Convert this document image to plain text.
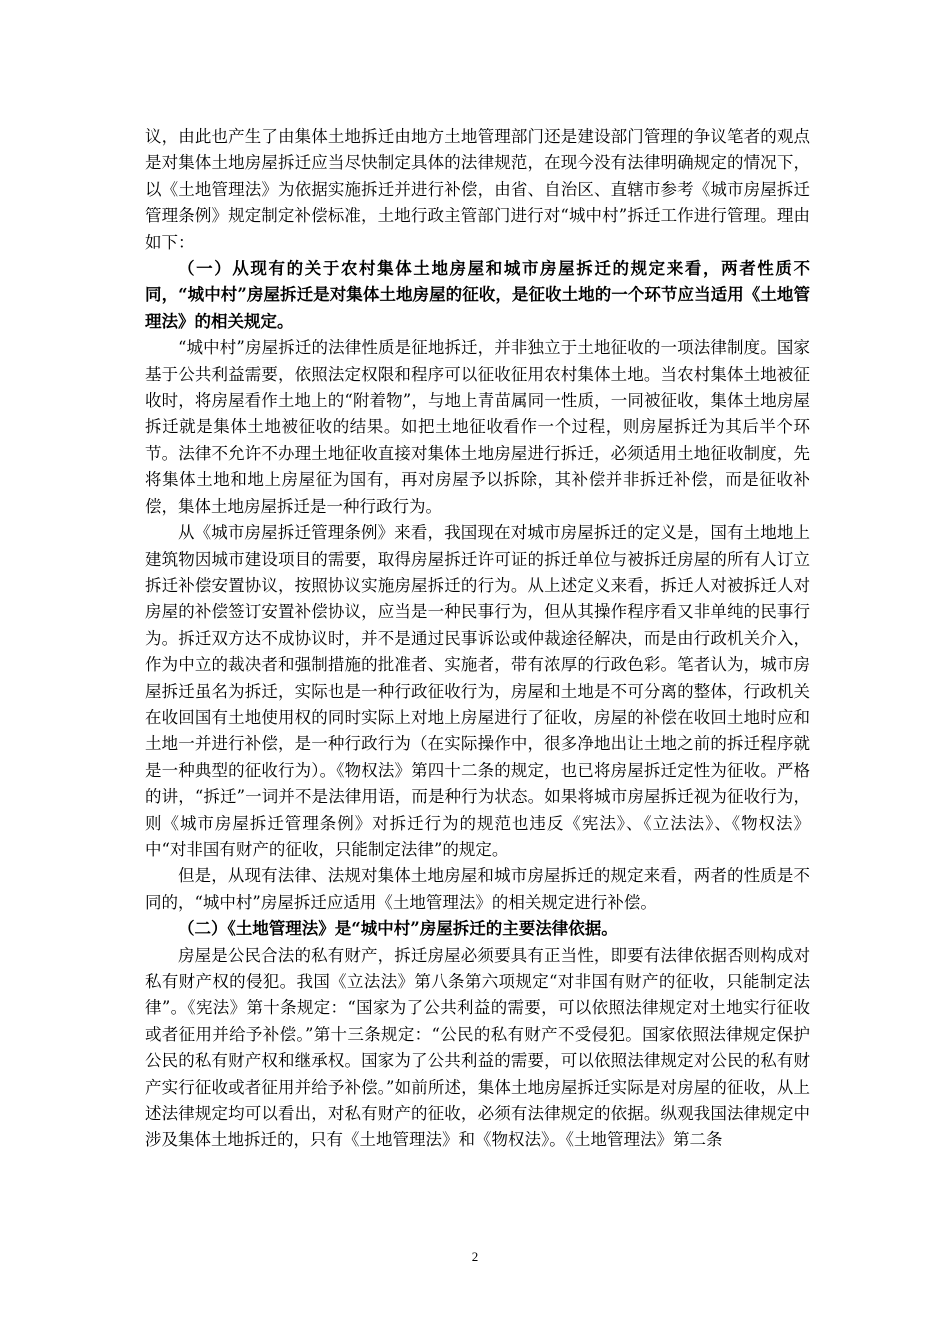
议，由此也产生了由集体土地拆迁由地方土地管理部门还是建设部门管理的争议笔者的观点是对集体土地房屋拆迁应当尽快制定具体的法律规范，在现今没有法律明确规定的情况下，以《土地管理法》为依据实施拆迁并进行补偿，由省、自治区、直辖市参考《城市房屋拆迁管理条例》规定制定补偿标准，土地行政主管部门进行对“城中村”拆迁工作进行管理。理由如下：

（一）从现有的关于农村集体土地房屋和城市房屋拆迁的规定来看，两者性质不同，“城中村”房屋拆迁是对集体土地房屋的征收，是征收土地的一个环节应当适用《土地管理法》的相关规定。

“城中村”房屋拆迁的法律性质是征地拆迁，并非独立于土地征收的一项法律制度。国家基于公共利益需要，依照法定权限和程序可以征收征用农村集体土地。当农村集体土地被征收时，将房屋看作土地上的“附着物”，与地上青苗属同一性质，一同被征收，集体土地房屋拆迁就是集体土地被征收的结果。如把土地征收看作一个过程，则房屋拆迁为其后半个环节。法律不允许不办理土地征收直接对集体土地房屋进行拆迁，必须适用土地征收制度，先将集体土地和地上房屋征为国有，再对房屋予以拆除，其补偿并非拆迁补偿，而是征收补偿，集体土地房屋拆迁是一种行政行为。

从《城市房屋拆迁管理条例》来看，我国现在对城市房屋拆迁的定义是，国有土地地上建筑物因城市建设项目的需要，取得房屋拆迁许可证的拆迁单位与被拆迁房屋的所有人订立拆迁补偿安置协议，按照协议实施房屋拆迁的行为。从上述定义来看，拆迁人对被拆迁人对房屋的补偿签订安置补偿协议，应当是一种民事行为，但从其操作程序看又非单纯的民事行为。拆迁双方达不成协议时，并不是通过民事诉讼或仲裁途径解决，而是由行政机关介入，作为中立的裁决者和强制措施的批准者、实施者，带有浓厚的行政色彩。笔者认为，城市房屋拆迁虽名为拆迁，实际也是一种行政征收行为，房屋和土地是不可分离的整体，行政机关在收回国有土地使用权的同时实际上对地上房屋进行了征收，房屋的补偿在收回土地时应和土地一并进行补偿，是一种行政行为（在实际操作中，很多净地出让土地之前的拆迁程序就是一种典型的征收行为）。《物权法》第四十二条的规定，也已将房屋拆迁定性为征收。严格的讲，“拆迁”一词并不是法律用语，而是种行为状态。如果将城市房屋拆迁视为征收行为，则《城市房屋拆迁管理条例》对拆迁行为的规范也违反《宪法》、《立法法》、《物权法》中“对非国有财产的征收，只能制定法律”的规定。

但是，从现有法律、法规对集体土地房屋和城市房屋拆迁的规定来看，两者的性质是不同的，“城中村”房屋拆迁应适用《土地管理法》的相关规定进行补偿。

（二）《土地管理法》是“城中村”房屋拆迁的主要法律依据。

房屋是公民合法的私有财产，拆迁房屋必须要具有正当性，即要有法律依据否则构成对私有财产权的侵犯。我国《立法法》第八条第六项规定“对非国有财产的征收，只能制定法律”。《宪法》第十条规定：“国家为了公共利益的需要，可以依照法律规定对土地实行征收或者征用并给予补偿。”第十三条规定：“公民的私有财产不受侵犯。国家依照法律规定保护公民的私有财产权和继承权。国家为了公共利益的需要，可以依照法律规定对公民的私有财产实行征收或者征用并给予补偿。”如前所述，集体土地房屋拆迁实际是对房屋的征收，从上述法律规定均可以看出，对私有财产的征收，必须有法律规定的依据。纵观我国法律规定中涉及集体土地拆迁的，只有《土地管理法》和《物权法》。《土地管理法》第二条

2
